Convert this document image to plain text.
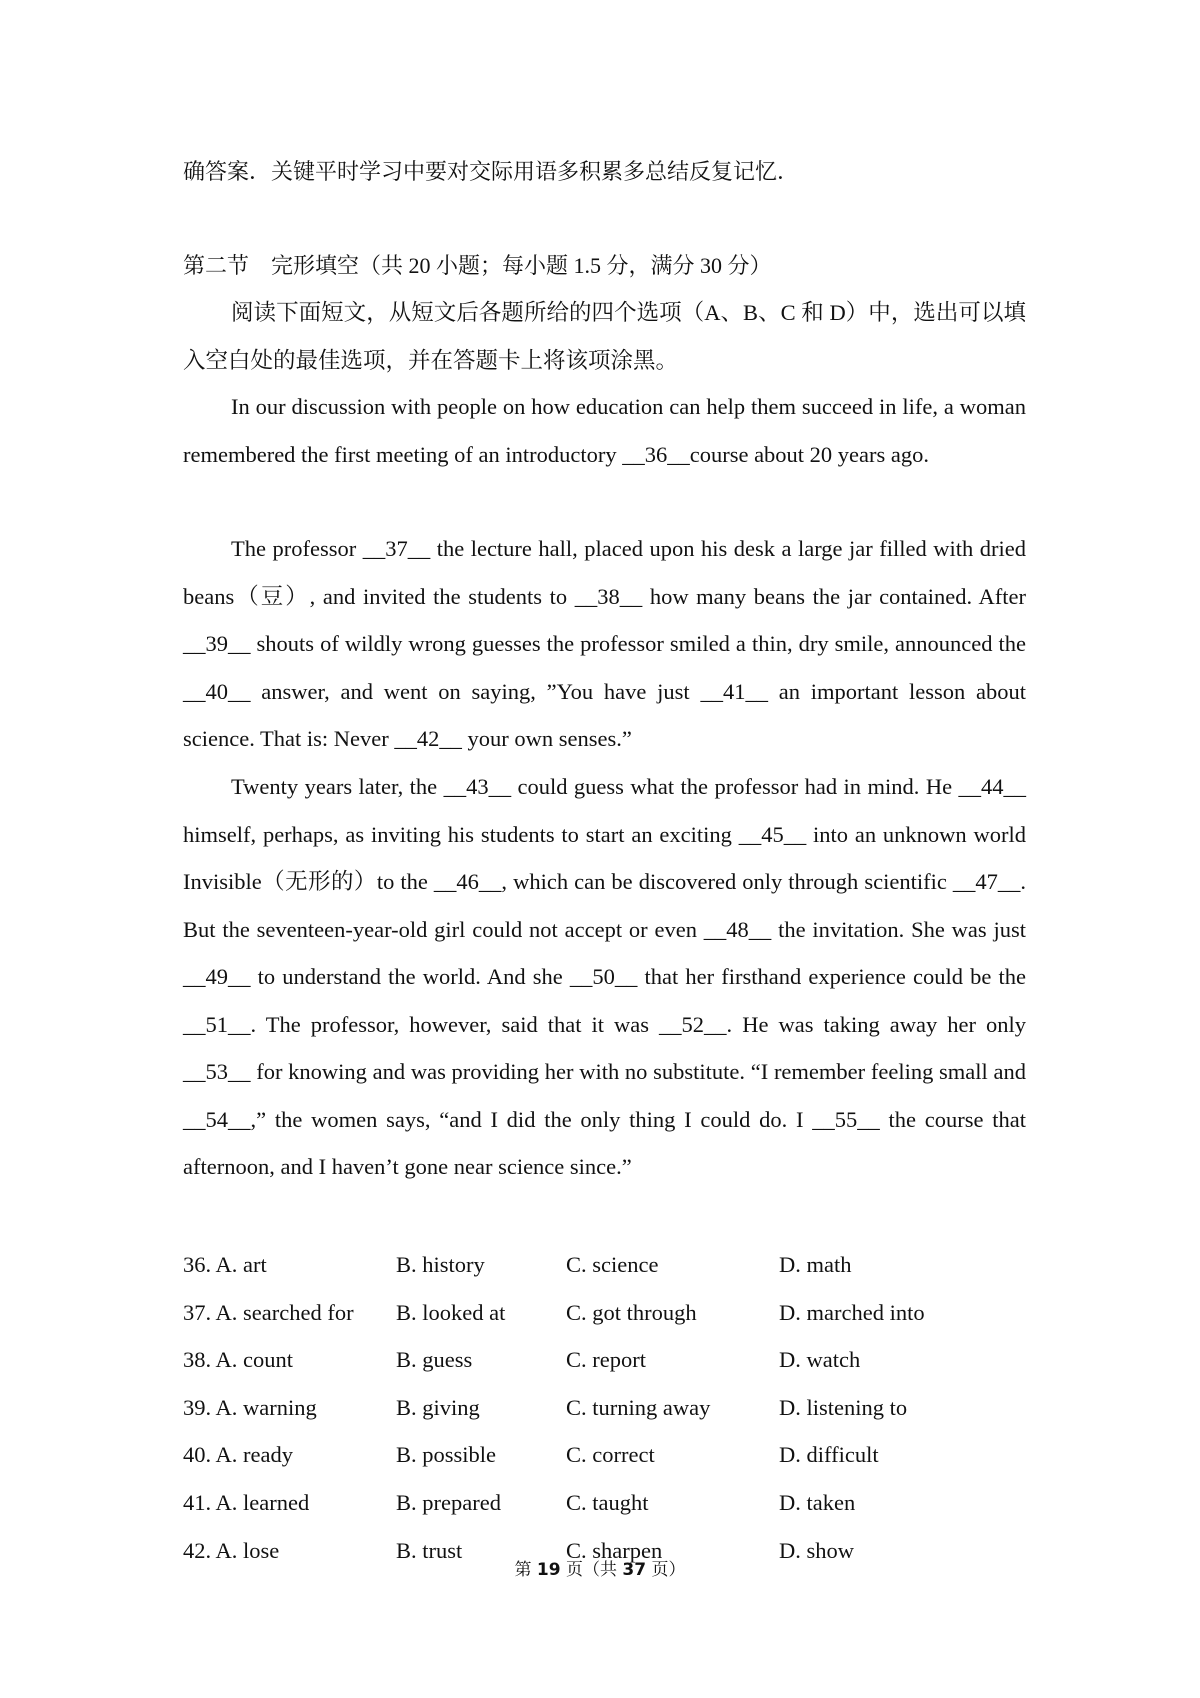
确答案．关键平时学习中要对交际用语多积累多总结反复记忆．
第二节　完形填空（共 20 小题；每小题 1.5 分，满分 30 分）
阅读下面短文，从短文后各题所给的四个选项（A、B、C 和 D）中，选出可以填入空白处的最佳选项，并在答题卡上将该项涂黑。
In our discussion with people on how education can help them succeed in life, a woman remembered the first meeting of an introductory __36__course about 20 years ago.
The professor __37__ the lecture hall, placed upon his desk a large jar filled with dried beans（豆）, and invited the students to __38__ how many beans the jar contained. After __39__ shouts of wildly wrong guesses the professor smiled a thin, dry smile, announced the __40__ answer, and went on saying, ”You have just __41__ an important lesson about science. That is: Never __42__ your own senses.”
Twenty years later, the __43__ could guess what the professor had in mind. He __44__ himself, perhaps, as inviting his students to start an exciting __45__ into an unknown world Invisible（无形的）to the __46__, which can be discovered only through scientific __47__. But the seventeen-year-old girl could not accept or even __48__ the invitation. She was just __49__ to understand the world. And she __50__ that her firsthand experience could be the　__51__. The professor, however, said that it was __52__. He was taking away her only __53__ for knowing and was providing her with no substitute. “I remember feeling small and __54__,” the women says, “and I did the only thing I could do. I __55__ the course that afternoon, and I haven’t gone near science since.”
36. A. art	B. history	C. science	D. math
37. A. searched for B. looked at	C. got through	D. marched into
38. A. count	B. guess	C. report	D. watch
39. A. warning	B. giving	C. turning away	D. listening to
40. A. ready	B. possible	C. correct	D. difficult
41. A. learned	B. prepared	C. taught	D. taken
42. A. lose	B. trust	C. sharpen	D. show
第 19 页（共 37 页）
